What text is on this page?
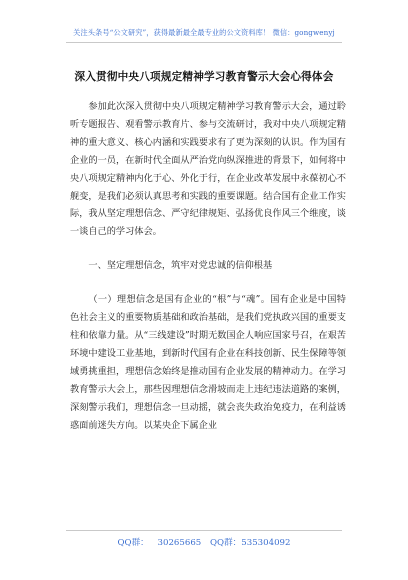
关注头条号“公文研究”，获得最新最全最专业的公文资料库！ 微信：gongwenyj
深入贯彻中央八项规定精神学习教育警示大会心得体会

参加此次深入贯彻中央八项规定精神学习教育警示大会，通过聆听专题报告、观看警示教育片、参与交流研讨，我对中央八项规定精神的重大意义、核心内涵和实践要求有了更为深刻的认识。作为国有企业的一员，在新时代全面从严治党向纵深推进的背景下，如何将中央八项规定精神内化于心、外化于行，在企业改革发展中永葆初心不舰变，是我们必须认真思考和实践的重要课题。结合国有企业工作实际，我从坚定理想信念、严守纪律规矩、弘扬优良作风三个维度，谈一谈自己的学习体会。

一、坚定理想信念，筑牢对党忠诚的信仰根基

（一）理想信念是国有企业的“根”与“魂”。国有企业是中国特色社会主义的重要物质基础和政治基础，是我们党执政兴国的重要支柱和依靠力量。从“三线建设”时期无数国企人响应国家号召，在艰苦环境中建设工业基地，到新时代国有企业在科技创新、民生保障等领域勇挑重担，理想信念始终是推动国有企业发展的精神动力。在学习教育警示大会上，那些因理想信念滑坡而走上违纪违法道路的案例，深刻警示我们，理想信念一旦动摇，就会丧失政治免疫力，在利益诱惑面前迷失方向。以某央企下属企业

QQ群： 30265665 QQ群：535304092
